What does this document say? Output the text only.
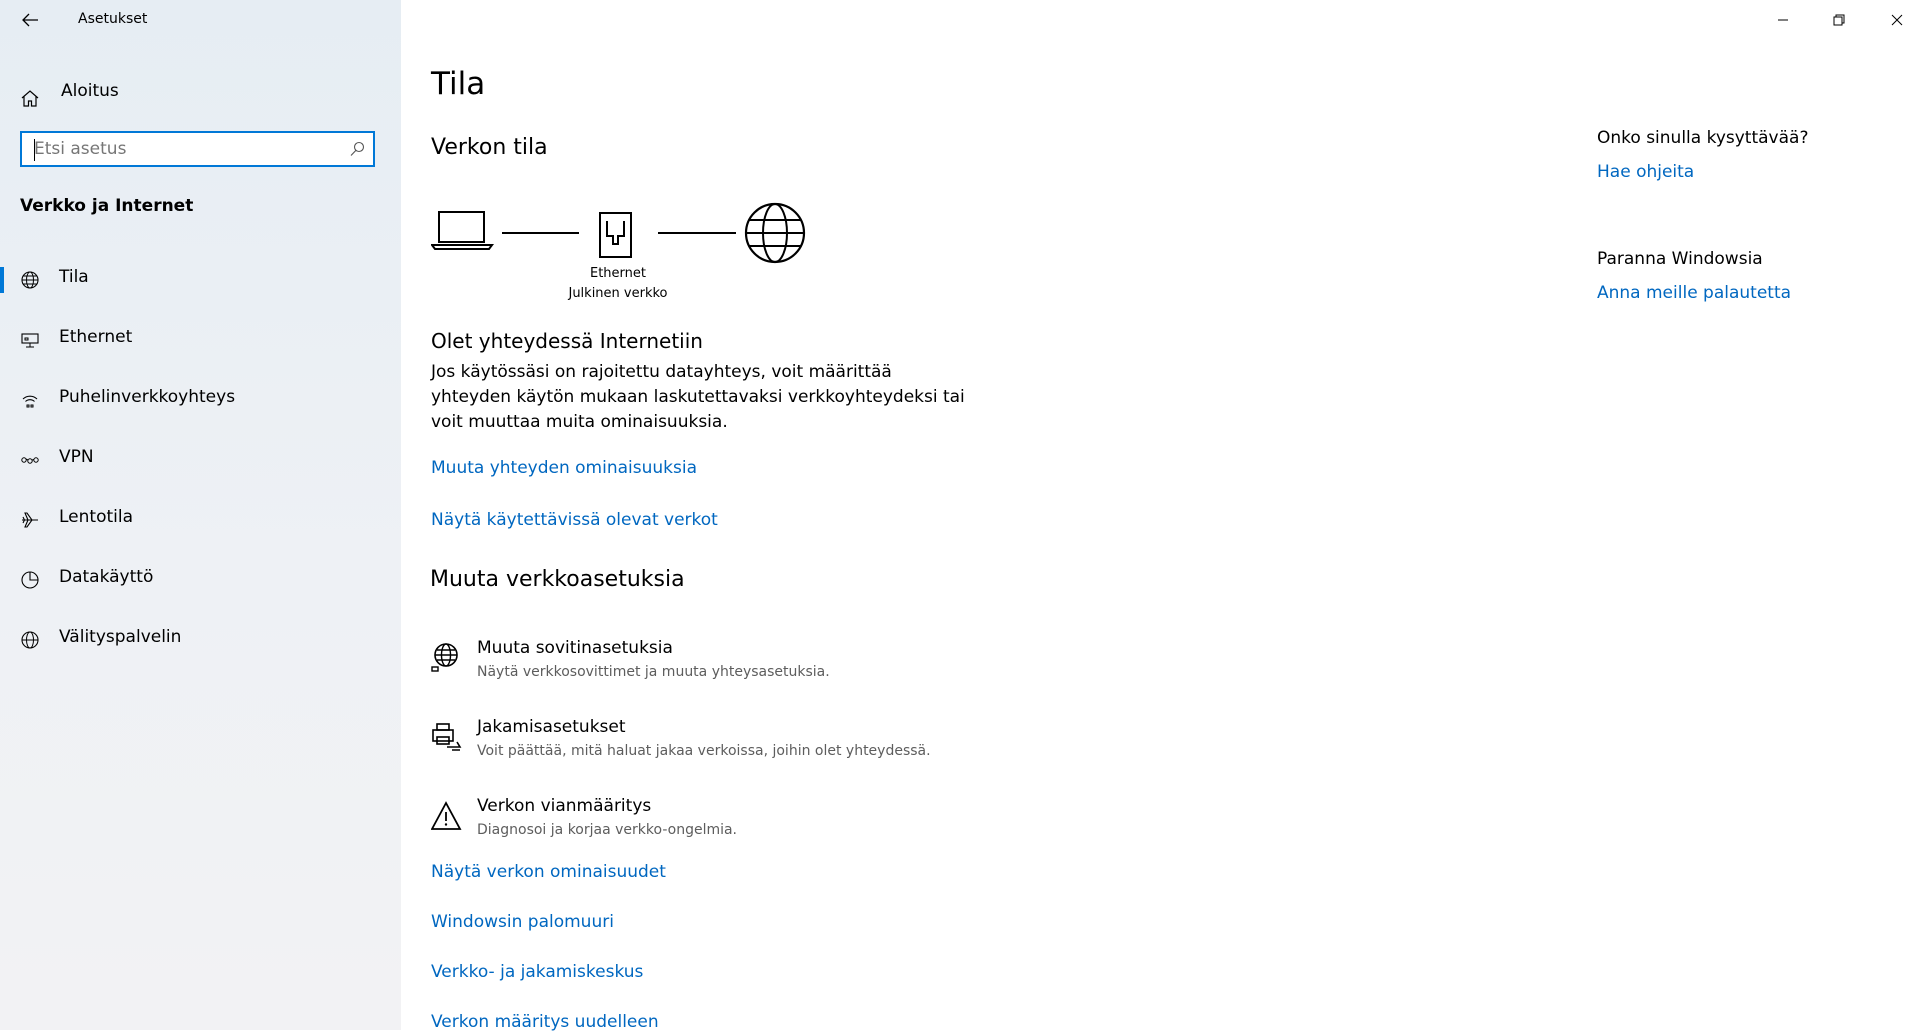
Asetukset
Aloitus
Etsi asetus
Verkko ja Internet
Tila
Ethernet
Puhelinverkkoyhteys
VPN
Lentotila
Datakäyttö
Välityspalvelin
Tila
Verkon tila
Ethernet
Julkinen verkko
Olet yhteydessä Internetiin
Jos käytössäsi on rajoitettu datayhteys, voit määrittää yhteyden käytön mukaan laskutettavaksi verkkoyhteydeksi tai voit muuttaa muita ominaisuuksia.
Muuta yhteyden ominaisuuksia
Näytä käytettävissä olevat verkot
Muuta verkkoasetuksia
Muuta sovitinasetuksia
Näytä verkkosovittimet ja muuta yhteysasetuksia.
Jakamisasetukset
Voit päättää, mitä haluat jakaa verkoissa, joihin olet yhteydessä.
Verkon vianmääritys
Diagnosoi ja korjaa verkko-ongelmia.
Näytä verkon ominaisuudet
Windowsin palomuuri
Verkko- ja jakamiskeskus
Verkon määritys uudelleen
Onko sinulla kysyttävää?
Hae ohjeita
Paranna Windowsia
Anna meille palautetta
